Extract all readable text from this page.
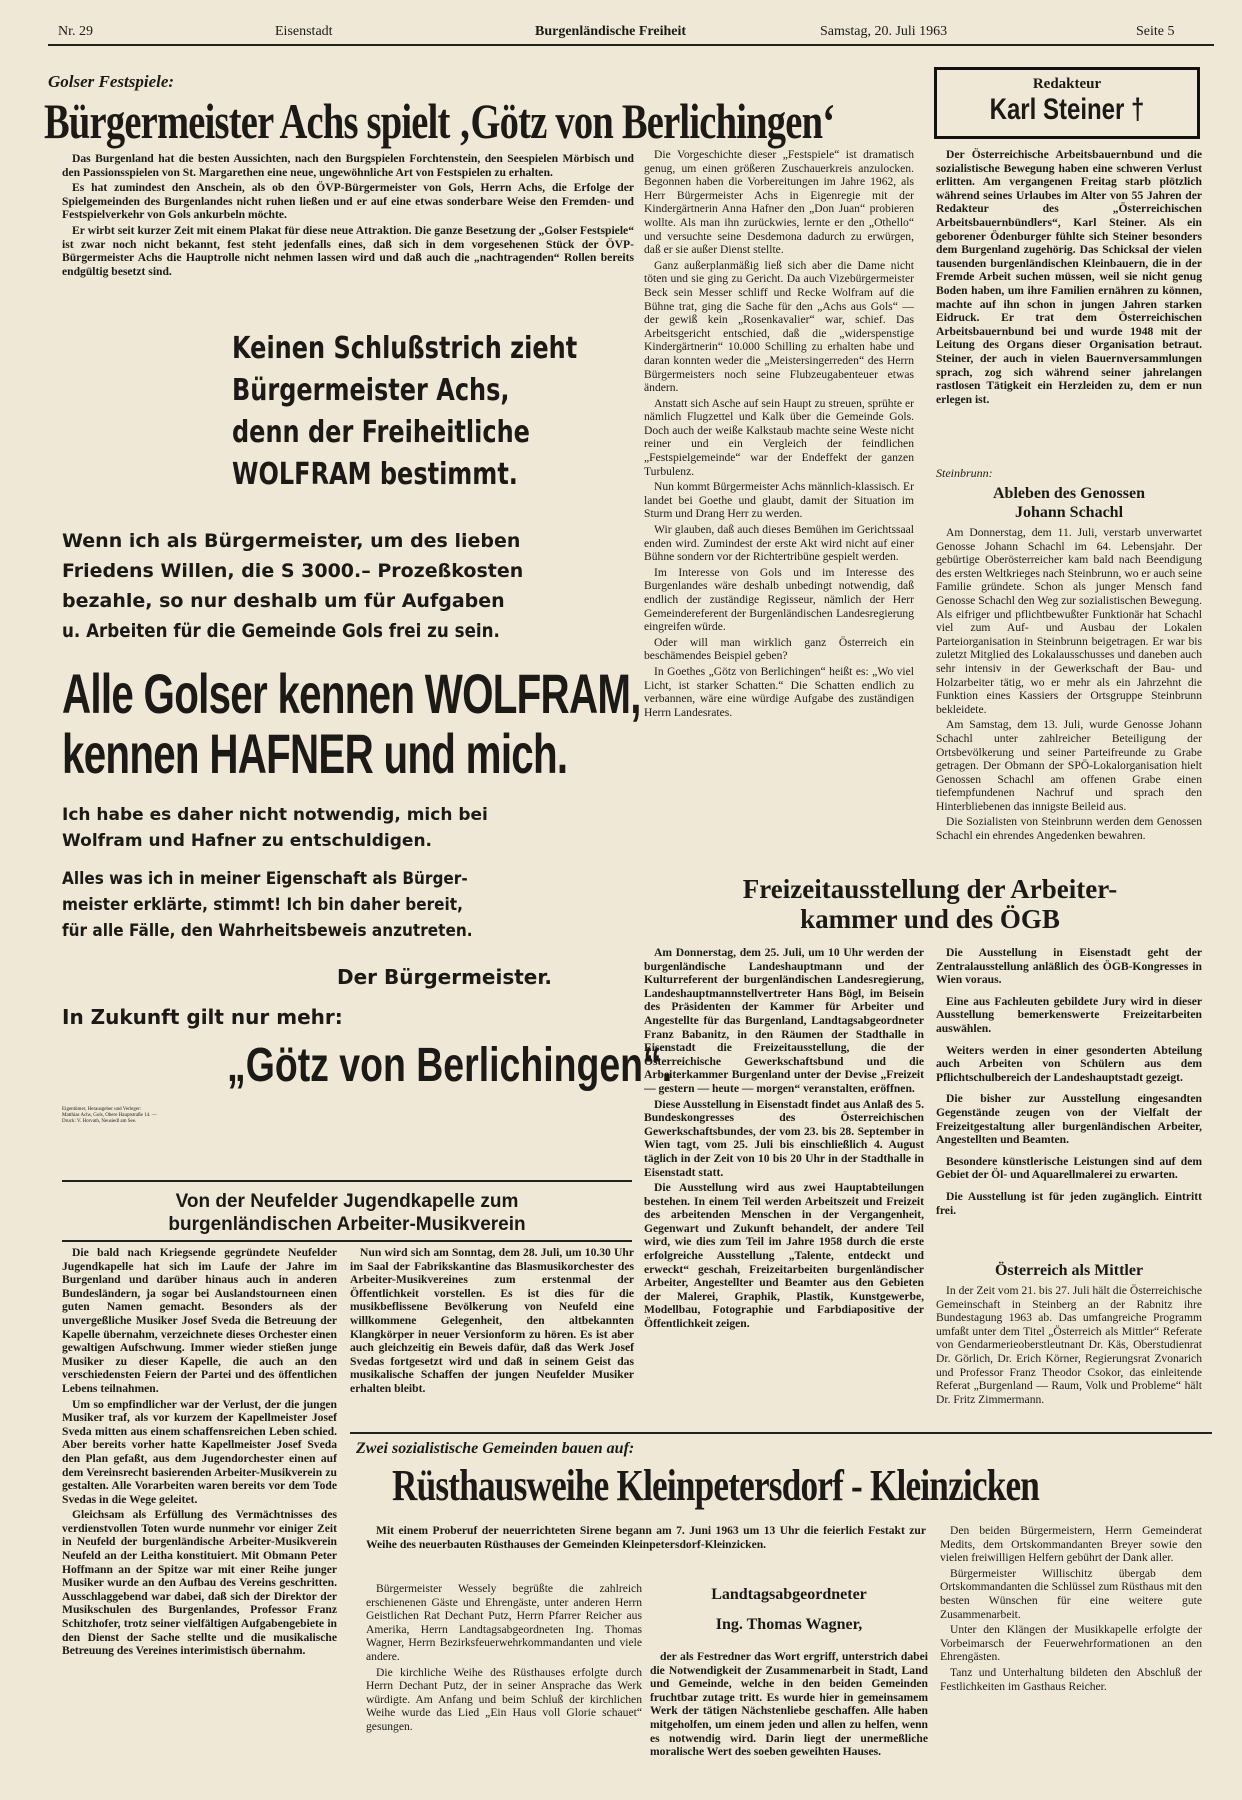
Nr. 29	Eisenstadt	Burgenländische Freiheit	Samstag, 20. Juli 1963	Seite 5
Golser Festspiele:
Bürgermeister Achs spielt ‚Götz von Berlichingen‘

Das Burgenland hat die besten Aussichten, nach den Burgspielen Forchtenstein, den Seespielen Mörbisch und den Passionsspielen von St. Margarethen eine neue, ungewöhnliche Art von Festspielen zu erhalten.

Es hat zumindest den Anschein, als ob den ÖVP-Bürgermeister von Gols, Herrn Achs, die Erfolge der Spielgemeinden des Burgenlandes nicht ruhen ließen und er auf eine etwas sonderbare Weise den Fremden- und Festspielverkehr von Gols ankurbeln möchte.

Er wirbt seit kurzer Zeit mit einem Plakat für diese neue Attraktion. Die ganze Besetzung der „Golser Festspiele“ ist zwar noch nicht bekannt, fest steht jedenfalls eines, daß sich in dem vorgesehenen Stück der ÖVP-Bürgermeister Achs die Hauptrolle nicht nehmen lassen wird und daß auch die „nachtragenden“ Rollen bereits endgültig besetzt sind.

Keinen Schlußstrich zieht
Bürgermeister Achs,
denn der Freiheitliche
WOLFRAM bestimmt.
Wenn ich als Bürgermeister, um des lieben
Friedens Willen, die S 3000.– Prozeßkosten
bezahle, so nur deshalb um für Aufgaben
u. Arbeiten für die Gemeinde Gols frei zu sein.
Alle Golser kennen WOLFRAM,
kennen HAFNER und mich.
Ich habe es daher nicht notwendig, mich bei
Wolfram und Hafner zu entschuldigen.
Alles was ich in meiner Eigenschaft als Bürger-
meister erklärte, stimmt! Ich bin daher bereit,
für alle Fälle, den Wahrheitsbeweis anzutreten.
Der Bürgermeister.
In Zukunft gilt nur mehr:
„Götz von Berlichingen“.
Eigentümer, Herausgeber und Verleger: Matthias Achs, Gols, Obere Hauptstraße 14. — Druck: V. Horvath, Neusiedl am See.

Die Vorgeschichte dieser „Festspiele“ ist dramatisch genug, um einen größeren Zuschauerkreis anzulocken. Begonnen haben die Vorbereitungen im Jahre 1962, als Herr Bürgermeister Achs in Eigenregie mit der Kindergärtnerin Anna Hafner den „Don Juan“ probieren wollte. Als man ihn zurückwies, lernte er den „Othello“ und versuchte seine Desdemona dadurch zu erwürgen, daß er sie außer Dienst stellte.

Ganz außerplanmäßig ließ sich aber die Dame nicht töten und sie ging zu Gericht. Da auch Vizebürgermeister Beck sein Messer schliff und Recke Wolfram auf die Bühne trat, ging die Sache für den „Achs aus Gols“ — der gewiß kein „Rosenkavalier“ war, schief. Das Arbeitsgericht entschied, daß die „widerspenstige Kindergärtnerin“ 10.000 Schilling zu erhalten habe und daran konnten weder die „Meistersingerreden“ des Herrn Bürgermeisters noch seine Flubzeugabenteuer etwas ändern.

Anstatt sich Asche auf sein Haupt zu streuen, sprühte er nämlich Flugzettel und Kalk über die Gemeinde Gols. Doch auch der weiße Kalkstaub machte seine Weste nicht reiner und ein Vergleich der feindlichen „Festspielgemeinde“ war der Endeffekt der ganzen Turbulenz.

Nun kommt Bürgermeister Achs männlich-klassisch. Er landet bei Goethe und glaubt, damit der Situation im Sturm und Drang Herr zu werden.

Wir glauben, daß auch dieses Bemühen im Gerichtssaal enden wird. Zumindest der erste Akt wird nicht auf einer Bühne sondern vor der Richtertribüne gespielt werden.

Im Interesse von Gols und im Interesse des Burgenlandes wäre deshalb unbedingt notwendig, daß endlich der zuständige Regisseur, nämlich der Herr Gemeindereferent der Burgenländischen Landesregierung eingreifen würde.

Oder will man wirklich ganz Österreich ein beschämendes Beispiel geben?

In Goethes „Götz von Berlichingen“ heißt es: „Wo viel Licht, ist starker Schatten.“ Die Schatten endlich zu verbannen, wäre eine würdige Aufgabe des zuständigen Herrn Landesrates.

Redakteur
Karl Steiner †

Der Österreichische Arbeitsbauernbund und die sozialistische Bewegung haben eine schweren Verlust erlitten. Am vergangenen Freitag starb plötzlich während seines Urlaubes im Alter von 55 Jahren der Redakteur des „Österreichischen Arbeitsbauernbündlers“, Karl Steiner. Als ein geborener Ödenburger fühlte sich Steiner besonders dem Burgenland zugehörig. Das Schicksal der vielen tausenden burgenländischen Kleinbauern, die in der Fremde Arbeit suchen müssen, weil sie nicht genug Boden haben, um ihre Familien ernähren zu können, machte auf ihn schon in jungen Jahren starken Eidruck. Er trat dem Österreichischen Arbeitsbauernbund bei und wurde 1948 mit der Leitung des Organs dieser Organisation betraut. Steiner, der auch in vielen Bauernversammlungen sprach, zog sich während seiner jahrelangen rastlosen Tätigkeit ein Herzleiden zu, dem er nun erlegen ist.

Steinbrunn:
Ableben des Genossen
Johann Schachl

Am Donnerstag, dem 11. Juli, verstarb unverwartet Genosse Johann Schachl im 64. Lebensjahr. Der gebürtige Oberösterreicher kam bald nach Beendigung des ersten Weltkrieges nach Steinbrunn, wo er auch seine Familie gründete. Schon als junger Mensch fand Genosse Schachl den Weg zur sozialistischen Bewegung. Als eifriger und pflichtbewußter Funktionär hat Schachl viel zum Auf- und Ausbau der Lokalen Parteiorganisation in Steinbrunn beigetragen. Er war bis zuletzt Mitglied des Lokalausschusses und daneben auch sehr intensiv in der Gewerkschaft der Bau- und Holzarbeiter tätig, wo er mehr als ein Jahrzehnt die Funktion eines Kassiers der Ortsgruppe Steinbrunn bekleidete.

Am Samstag, dem 13. Juli, wurde Genosse Johann Schachl unter zahlreicher Beteiligung der Ortsbevölkerung und seiner Parteifreunde zu Grabe getragen. Der Obmann der SPÖ-Lokalorganisation hielt Genossen Schachl am offenen Grabe einen tiefempfundenen Nachruf und sprach den Hinterbliebenen das innigste Beileid aus.

Die Sozialisten von Steinbrunn werden dem Genossen Schachl ein ehrendes Angedenken bewahren.

Freizeitausstellung der Arbeiter-
kammer und des ÖGB

Am Donnerstag, dem 25. Juli, um 10 Uhr werden der burgenländische Landeshauptmann und der Kulturreferent der burgenländischen Landesregierung, Landeshauptmannstellvertreter Hans Bögl, im Beisein des Präsidenten der Kammer für Arbeiter und Angestellte für das Burgenland, Landtagsabgeordneter Franz Babanitz, in den Räumen der Stadthalle in Eisenstadt die Freizeitausstellung, die der Österreichische Gewerkschaftsbund und die Arbeiterkammer Burgenland unter der Devise „Freizeit — gestern — heute — morgen“ veranstalten, eröffnen.

Diese Ausstellung in Eisenstadt findet aus Anlaß des 5. Bundeskongresses des Österreichischen Gewerkschaftsbundes, der vom 23. bis 28. September in Wien tagt, vom 25. Juli bis einschließlich 4. August täglich in der Zeit von 10 bis 20 Uhr in der Stadthalle in Eisenstadt statt.

Die Ausstellung wird aus zwei Hauptabteilungen bestehen. In einem Teil werden Arbeitszeit und Freizeit des arbeitenden Menschen in der Vergangenheit, Gegenwart und Zukunft behandelt, der andere Teil wird, wie dies zum Teil im Jahre 1958 durch die erste erfolgreiche Ausstellung „Talente, entdeckt und erweckt“ geschah, Freizeitarbeiten burgenländischer Arbeiter, Angestellter und Beamter aus den Gebieten der Malerei, Graphik, Plastik, Kunstgewerbe, Modellbau, Fotographie und Farbdiapositive der Öffentlichkeit zeigen.

Die Ausstellung in Eisenstadt geht der Zentralausstellung anläßlich des ÖGB-Kongresses in Wien voraus.

Eine aus Fachleuten gebildete Jury wird in dieser Ausstellung bemerkenswerte Freizeitarbeiten auswählen.

Weiters werden in einer gesonderten Abteilung auch Arbeiten von Schülern aus dem Pflichtschulbereich der Landeshauptstadt gezeigt.

Die bisher zur Ausstellung eingesandten Gegenstände zeugen von der Vielfalt der Freizeitgestaltung aller burgenländischen Arbeiter, Angestellten und Beamten.

Besondere künstlerische Leistungen sind auf dem Gebiet der Öl- und Aquarellmalerei zu erwarten.

Die Ausstellung ist für jeden zugänglich. Eintritt frei.

Österreich als Mittler

In der Zeit vom 21. bis 27. Juli hält die Österreichische Gemeinschaft in Steinberg an der Rabnitz ihre Bundestagung 1963 ab. Das umfangreiche Programm umfaßt unter dem Titel „Österreich als Mittler“ Referate von Gendarmerieoberstleutnant Dr. Käs, Oberstudienrat Dr. Görlich, Dr. Erich Körner, Regierungsrat Zvonarich und Professor Franz Theodor Csokor, das einleitende Referat „Burgenland — Raum, Volk und Probleme“ hält Dr. Fritz Zimmermann.

Von der Neufelder Jugendkapelle zum
burgenländischen Arbeiter-Musikverein

Die bald nach Kriegsende gegründete Neufelder Jugendkapelle hat sich im Laufe der Jahre im Burgenland und darüber hinaus auch in anderen Bundesländern, ja sogar bei Auslandstourneen einen guten Namen gemacht. Besonders als der unvergeßliche Musiker Josef Sveda die Betreuung der Kapelle übernahm, verzeichnete dieses Orchester einen gewaltigen Aufschwung. Immer wieder stießen junge Musiker zu dieser Kapelle, die auch an den verschiedensten Feiern der Partei und des öffentlichen Lebens teilnahmen.

Um so empfindlicher war der Verlust, der die jungen Musiker traf, als vor kurzem der Kapellmeister Josef Sveda mitten aus einem schaffensreichen Leben schied. Aber bereits vorher hatte Kapellmeister Josef Sveda den Plan gefaßt, aus dem Jugendorchester einen auf dem Vereinsrecht basierenden Arbeiter-Musikverein zu gestalten. Alle Vorarbeiten waren bereits vor dem Tode Svedas in die Wege geleitet.

Gleichsam als Erfüllung des Vermächtnisses des verdienstvollen Toten wurde nunmehr vor einiger Zeit in Neufeld der burgenländische Arbeiter-Musikverein Neufeld an der Leitha konstituiert. Mit Obmann Peter Hoffmann an der Spitze war mit einer Reihe junger Musiker wurde an den Aufbau des Vereins geschritten. Ausschlaggebend war dabei, daß sich der Direktor der Musikschulen des Burgenlandes, Professor Franz Schitzhofer, trotz seiner vielfältigen Aufgabengebiete in den Dienst der Sache stellte und die musikalische Betreuung des Vereines interimistisch übernahm.

Nun wird sich am Sonntag, dem 28. Juli, um 10.30 Uhr im Saal der Fabrikskantine das Blasmusikorchester des Arbeiter-Musikvereines zum erstenmal der Öffentlichkeit vorstellen. Es ist dies für die musikbeflissene Bevölkerung von Neufeld eine willkommene Gelegenheit, den altbekannten Klangkörper in neuer Versionform zu hören. Es ist aber auch gleichzeitig ein Beweis dafür, daß das Werk Josef Svedas fortgesetzt wird und daß in seinem Geist das musikalische Schaffen der jungen Neufelder Musiker erhalten bleibt.

Zwei sozialistische Gemeinden bauen auf:
Rüsthausweihe Kleinpetersdorf - Kleinzicken

Mit einem Proberuf der neuerrichteten Sirene begann am 7. Juni 1963 um 13 Uhr die feierlich Festakt zur Weihe des neuerbauten Rüsthauses der Gemeinden Kleinpetersdorf-Kleinzicken.

Bürgermeister Wessely begrüßte die zahlreich erschienenen Gäste und Ehrengäste, unter anderen Herrn Geistlichen Rat Dechant Putz, Herrn Pfarrer Reicher aus Amerika, Herrn Landtagsabgeordneten Ing. Thomas Wagner, Herrn Bezirksfeuerwehrkommandanten und viele andere.

Die kirchliche Weihe des Rüsthauses erfolgte durch Herrn Dechant Putz, der in seiner Ansprache das Werk würdigte. Am Anfang und beim Schluß der kirchlichen Weihe wurde das Lied „Ein Haus voll Glorie schauet“ gesungen.

Landtagsabgeordneter
Ing. Thomas Wagner,

der als Festredner das Wort ergriff, unterstrich dabei die Notwendigkeit der Zusammenarbeit in Stadt, Land und Gemeinde, welche in den beiden Gemeinden fruchtbar zutage tritt. Es wurde hier in gemeinsamem Werk der tätigen Nächstenliebe geschaffen. Alle haben mitgeholfen, um einem jeden und allen zu helfen, wenn es notwendig wird. Darin liegt der unermeßliche moralische Wert des soeben geweihten Hauses.

Den beiden Bürgermeistern, Herrn Gemeinderat Medits, dem Ortskommandanten Breyer sowie den vielen freiwilligen Helfern gebührt der Dank aller.

Bürgermeister Willischitz übergab dem Ortskommandanten die Schlüssel zum Rüsthaus mit den besten Wünschen für eine weitere gute Zusammenarbeit.

Unter den Klängen der Musikkapelle erfolgte der Vorbeimarsch der Feuerwehrformationen an den Ehrengästen.

Tanz und Unterhaltung bildeten den Abschluß der Festlichkeiten im Gasthaus Reicher.
